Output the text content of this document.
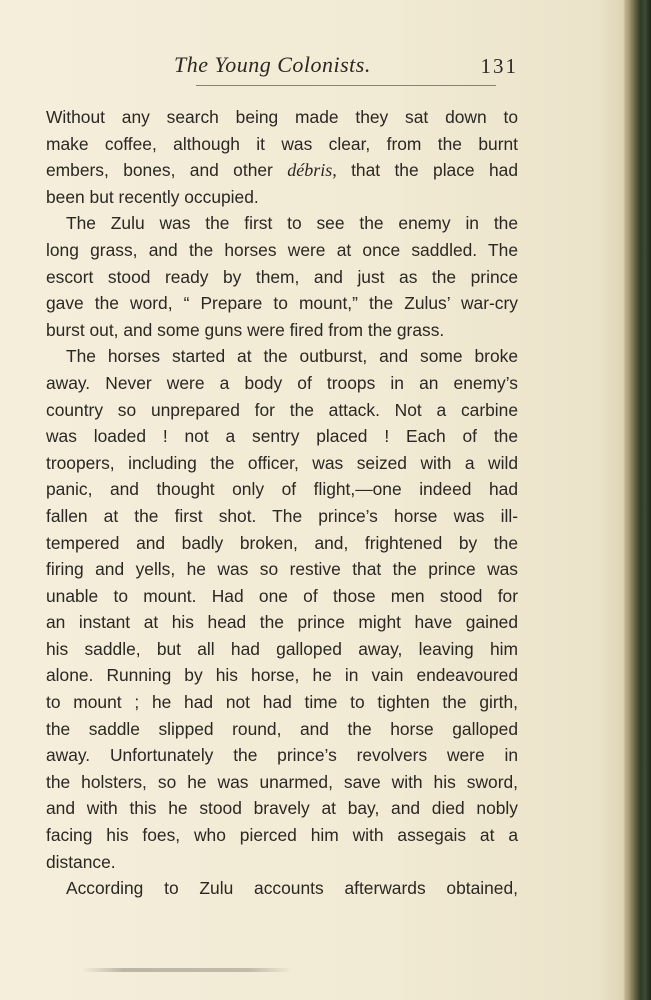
The Young Colonists.	131
Without any search being made they sat down to
make coffee, although it was clear, from the burnt
embers, bones, and other débris, that the place had
been but recently occupied.
The Zulu was the first to see the enemy in the
long grass, and the horses were at once saddled. The
escort stood ready by them, and just as the prince
gave the word, “ Prepare to mount,” the Zulus’ war-cry
burst out, and some guns were fired from the grass.
The horses started at the outburst, and some broke
away. Never were a body of troops in an enemy’s
country so unprepared for the attack. Not a carbine
was loaded ! not a sentry placed ! Each of the
troopers, including the officer, was seized with a wild
panic, and thought only of flight,—one indeed had
fallen at the first shot. The prince’s horse was ill-
tempered and badly broken, and, frightened by the
firing and yells, he was so restive that the prince was
unable to mount. Had one of those men stood for
an instant at his head the prince might have gained
his saddle, but all had galloped away, leaving him
alone. Running by his horse, he in vain endeavoured
to mount ; he had not had time to tighten the girth,
the saddle slipped round, and the horse galloped
away. Unfortunately the prince’s revolvers were in
the holsters, so he was unarmed, save with his sword,
and with this he stood bravely at bay, and died nobly
facing his foes, who pierced him with assegais at a
distance.
According to Zulu accounts afterwards obtained,
